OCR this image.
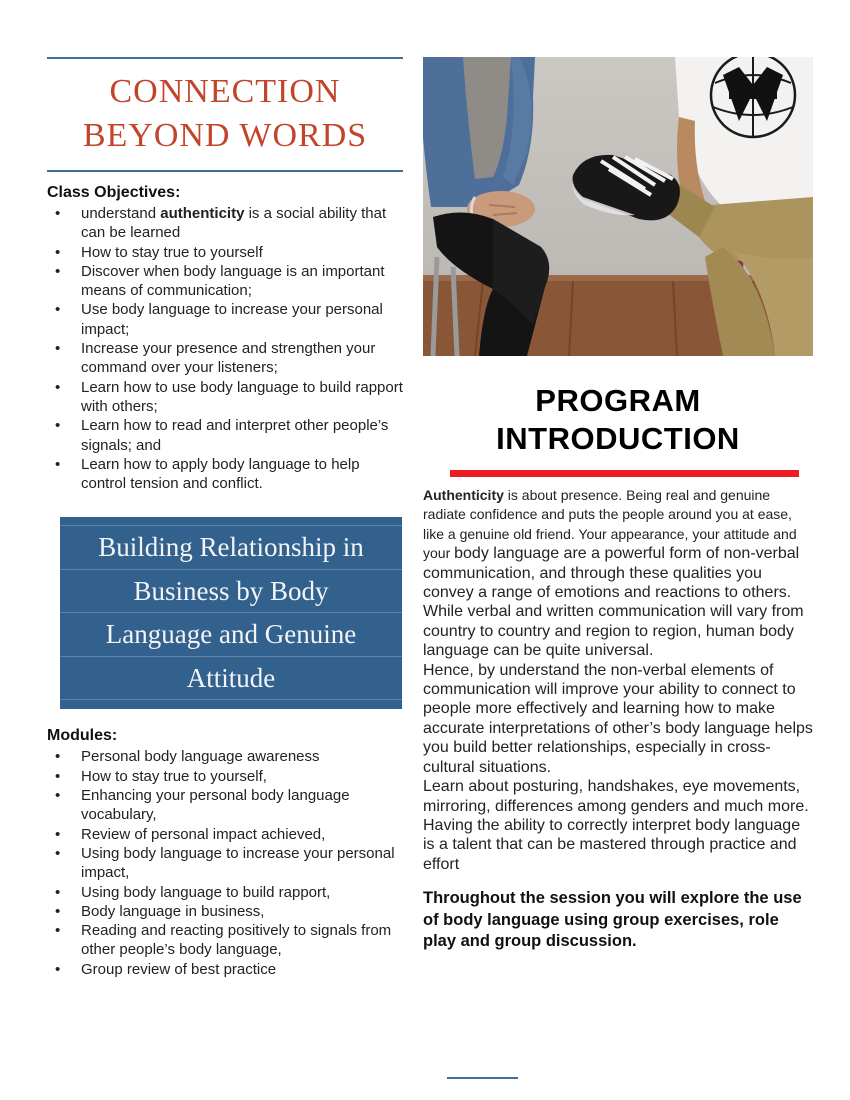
CONNECTION BEYOND WORDS
Class Objectives:
• understand authenticity is a social ability that can be learned
• How to stay true to yourself
• Discover when body language is an important means of communication;
• Use body language to increase your personal impact;
• Increase your presence and strengthen your command over your listeners;
• Learn how to use body language to build rapport with others;
• Learn how to read and interpret other people’s signals; and
• Learn how to apply body language to help control tension and conflict.
Building Relationship in
Business by Body
Language and Genuine
Attitude
Modules:
• Personal body language awareness
• How to stay true to yourself,
• Enhancing your personal body language vocabulary,
• Review of personal impact achieved,
• Using body language to increase your personal impact,
• Using body language to build rapport,
• Body language in business,
• Reading and reacting positively to signals from other people’s body language,
• Group review of best practice
PROGRAM INTRODUCTION

Authenticity is about presence. Being real and genuine radiate confidence and puts the people around you at ease, like a genuine old friend. Your appearance, your attitude and your body language are a powerful form of non-verbal communication, and through these qualities you convey a range of emotions and reactions to others. While verbal and written communication will vary from country to country and region to region, human body language can be quite universal.
Hence, by understand the non-verbal elements of communication will improve your ability to connect to people more effectively and learning how to make accurate interpretations of other’s body language helps you build better relationships, especially in cross-cultural situations.
Learn about posturing, handshakes, eye movements, mirroring, differences among genders and much more. Having the ability to correctly interpret body language is a talent that can be mastered through practice and effort

Throughout the session you will explore the use of body language using group exercises, role play and group discussion.
